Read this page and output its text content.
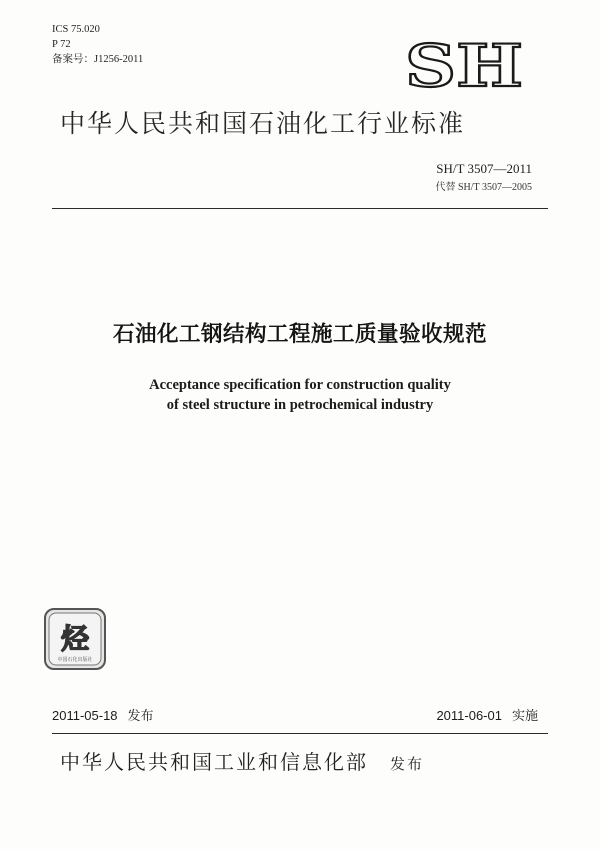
ICS 75.020
P 72
备案号：J1256-2011	SH
中华人民共和国石油化工行业标准
SH/T 3507—2011
代替 SH/T 3507—2005
石油化工钢结构工程施工质量验收规范
Acceptance specification for construction quality
of steel structure in petrochemical industry
烃
中国石化出版社
2011-05-18 发布	2011-06-01 实施
中华人民共和国工业和信息化部 发布
